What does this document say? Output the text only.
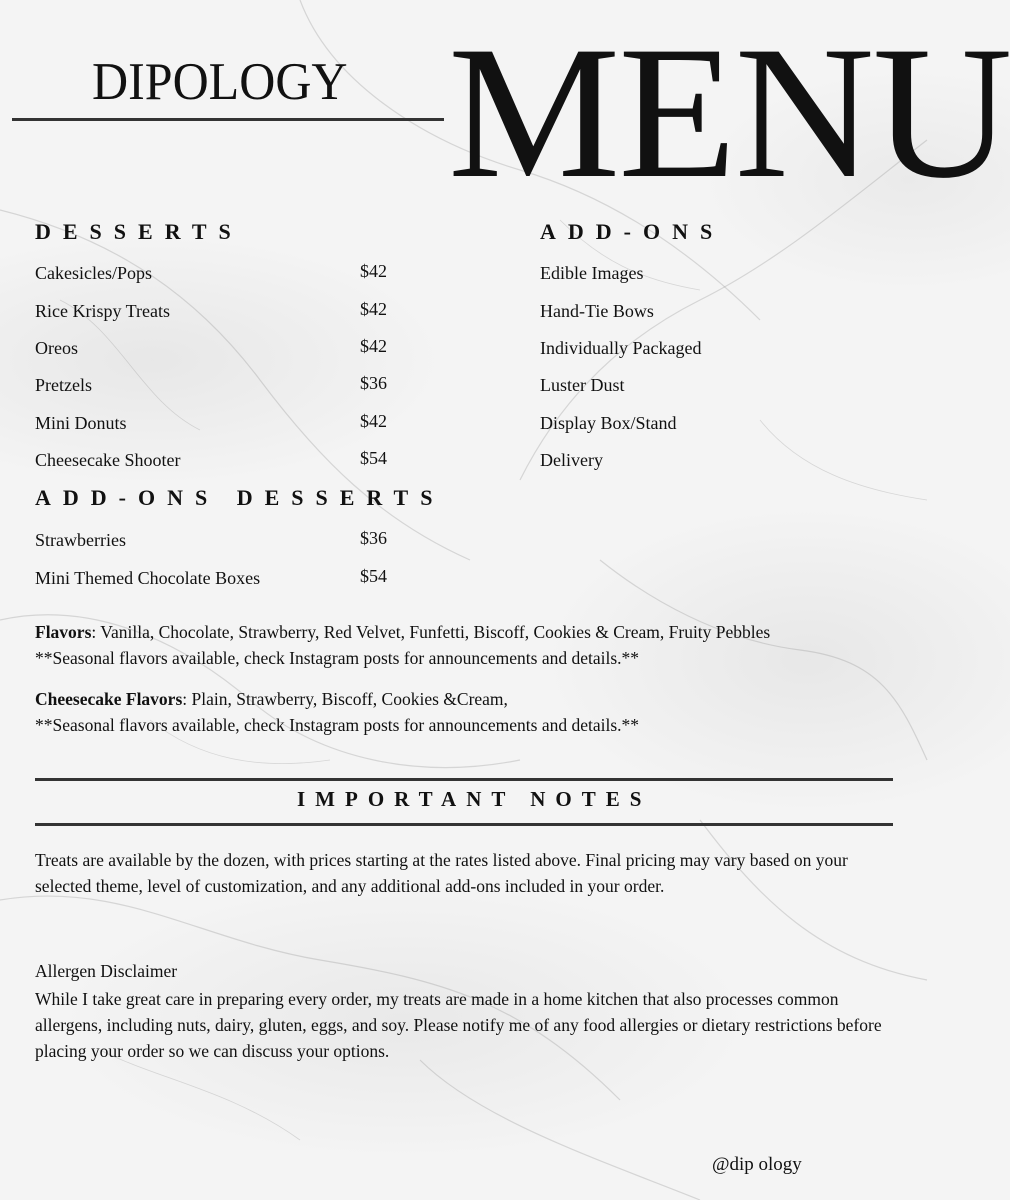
DIPOLOGY MENU
DESSERTS
Cakesicles/Pops	$42
Rice Krispy Treats	$42
Oreos	$42
Pretzels	$36
Mini Donuts	$42
Cheesecake Shooter	$54
ADD-ONS DESSERTS
Strawberries	$36
Mini Themed Chocolate Boxes	$54
ADD-ONS
Edible Images
Hand-Tie Bows
Individually Packaged
Luster Dust
Display Box/Stand
Delivery
Flavors: Vanilla, Chocolate, Strawberry, Red Velvet, Funfetti, Biscoff, Cookies & Cream, Fruity Pebbles
**Seasonal flavors available, check Instagram posts for announcements and details.**
Cheesecake Flavors: Plain, Strawberry, Biscoff, Cookies &Cream,
**Seasonal flavors available, check Instagram posts for announcements and details.**
IMPORTANT NOTES
Treats are available by the dozen, with prices starting at the rates listed above. Final pricing may vary based on your selected theme, level of customization, and any additional add-ons included in your order.
Allergen Disclaimer
While I take great care in preparing every order, my treats are made in a home kitchen that also processes common allergens, including nuts, dairy, gluten, eggs, and soy. Please notify me of any food allergies or dietary restrictions before placing your order so we can discuss your options.
@dip ology
